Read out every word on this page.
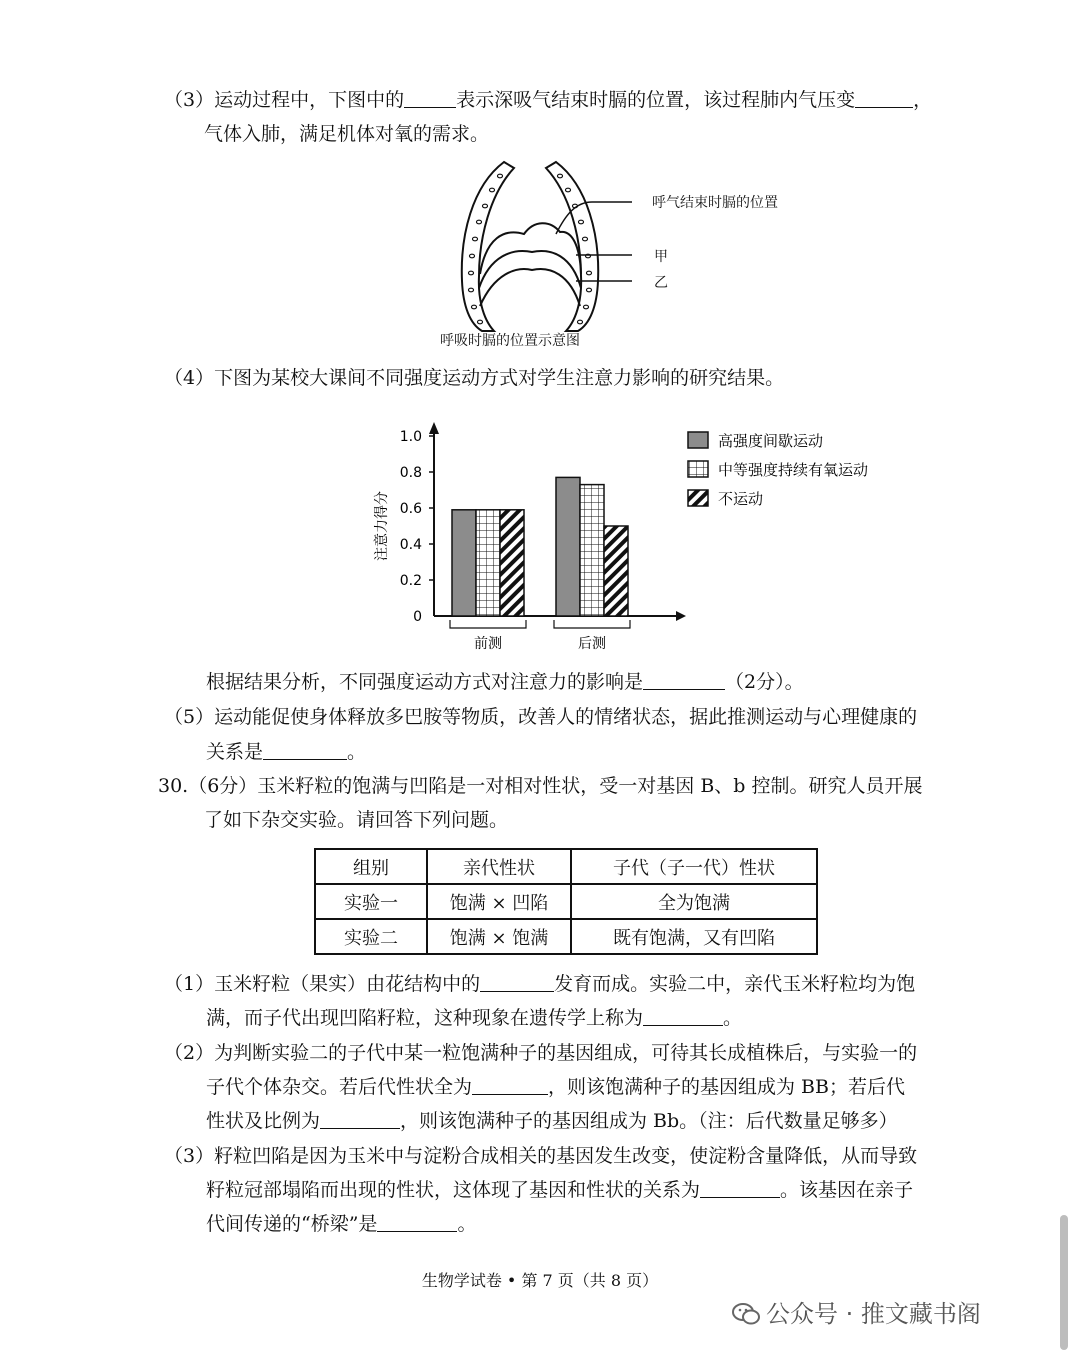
（3）运动过程中，下图中的	表示深吸气结束时膈的位置，该过程肺内气压变	，
气体入肺，满足机体对氧的需求。
呼气结束时膈的位置
甲
乙
呼吸时膈的位置示意图
（4）下图为某校大课间不同强度运动方式对学生注意力影响的研究结果。
0
0.2
0.4
0.6
0.8
1.0
前测	后测
高强度间歇运动
中等强度持续有氧运动
不运动
注意力得分
根据结果分析，不同强度运动方式对注意力的影响是	（2分）。
（5）运动能促使身体释放多巴胺等物质，改善人的情绪状态，据此推测运动与心理健康的
关系是	。
30.（6分）玉米籽粒的饱满与凹陷是一对相对性状，受一对基因 B、b 控制。研究人员开展
了如下杂交实验。请回答下列问题。
组别	亲代性状	子代（子一代）性状
实验一	饱满 × 凹陷	全为饱满
实验二	饱满 × 饱满	既有饱满，又有凹陷
（1）玉米籽粒（果实）由花结构中的	发育而成。实验二中，亲代玉米籽粒均为饱
满，而子代出现凹陷籽粒，这种现象在遗传学上称为	。
（2）为判断实验二的子代中某一粒饱满种子的基因组成，可待其长成植株后，与实验一的
子代个体杂交。若后代性状全为	，则该饱满种子的基因组成为 BB；若后代
性状及比例为	，则该饱满种子的基因组成为 Bb。（注：后代数量足够多）
（3）籽粒凹陷是因为玉米中与淀粉合成相关的基因发生改变，使淀粉含量降低，从而导致
籽粒冠部塌陷而出现的性状，这体现了基因和性状的关系为	。该基因在亲子
代间传递的“桥梁”是	。
生物学试卷 • 第 7 页（共 8 页）
公众号 · 推文藏书阁
